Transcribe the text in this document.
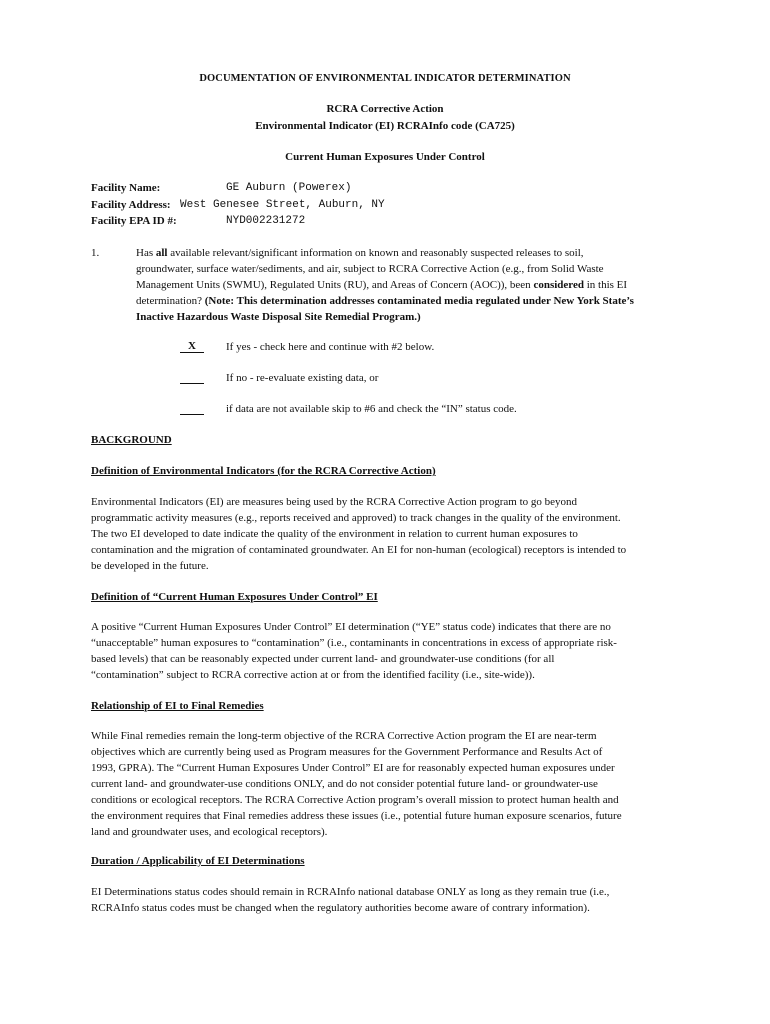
DOCUMENTATION OF ENVIRONMENTAL INDICATOR DETERMINATION
RCRA Corrective Action
Environmental Indicator (EI) RCRAInfo code (CA725)
Current Human Exposures Under Control
Facility Name:	GE Auburn (Powerex)
Facility Address: West Genesee Street, Auburn, NY
Facility EPA ID #:	NYD002231272
1.	Has all available relevant/significant information on known and reasonably suspected releases to soil, groundwater, surface water/sediments, and air, subject to RCRA Corrective Action (e.g., from Solid Waste Management Units (SWMU), Regulated Units (RU), and Areas of Concern (AOC)), been considered in this EI determination? (Note: This determination addresses contaminated media regulated under New York State’s Inactive Hazardous Waste Disposal Site Remedial Program.)
X	If yes - check here and continue with #2 below.
If no - re-evaluate existing data, or
if data are not available skip to #6 and check the “IN” status code.
BACKGROUND
Definition of Environmental Indicators (for the RCRA Corrective Action)
Environmental Indicators (EI) are measures being used by the RCRA Corrective Action program to go beyond programmatic activity measures (e.g., reports received and approved) to track changes in the quality of the environment. The two EI developed to date indicate the quality of the environment in relation to current human exposures to contamination and the migration of contaminated groundwater. An EI for non-human (ecological) receptors is intended to be developed in the future.
Definition of “Current Human Exposures Under Control” EI
A positive “Current Human Exposures Under Control” EI determination (“YE” status code) indicates that there are no “unacceptable” human exposures to “contamination” (i.e., contaminants in concentrations in excess of appropriate risk-based levels) that can be reasonably expected under current land- and groundwater-use conditions (for all “contamination” subject to RCRA corrective action at or from the identified facility (i.e., site-wide)).
Relationship of EI to Final Remedies
While Final remedies remain the long-term objective of the RCRA Corrective Action program the EI are near-term objectives which are currently being used as Program measures for the Government Performance and Results Act of 1993, GPRA). The “Current Human Exposures Under Control” EI are for reasonably expected human exposures under current land- and groundwater-use conditions ONLY, and do not consider potential future land- or groundwater-use conditions or ecological receptors. The RCRA Corrective Action program’s overall mission to protect human health and the environment requires that Final remedies address these issues (i.e., potential future human exposure scenarios, future land and groundwater uses, and ecological receptors).
Duration / Applicability of EI Determinations
EI Determinations status codes should remain in RCRAInfo national database ONLY as long as they remain true (i.e., RCRAInfo status codes must be changed when the regulatory authorities become aware of contrary information).
